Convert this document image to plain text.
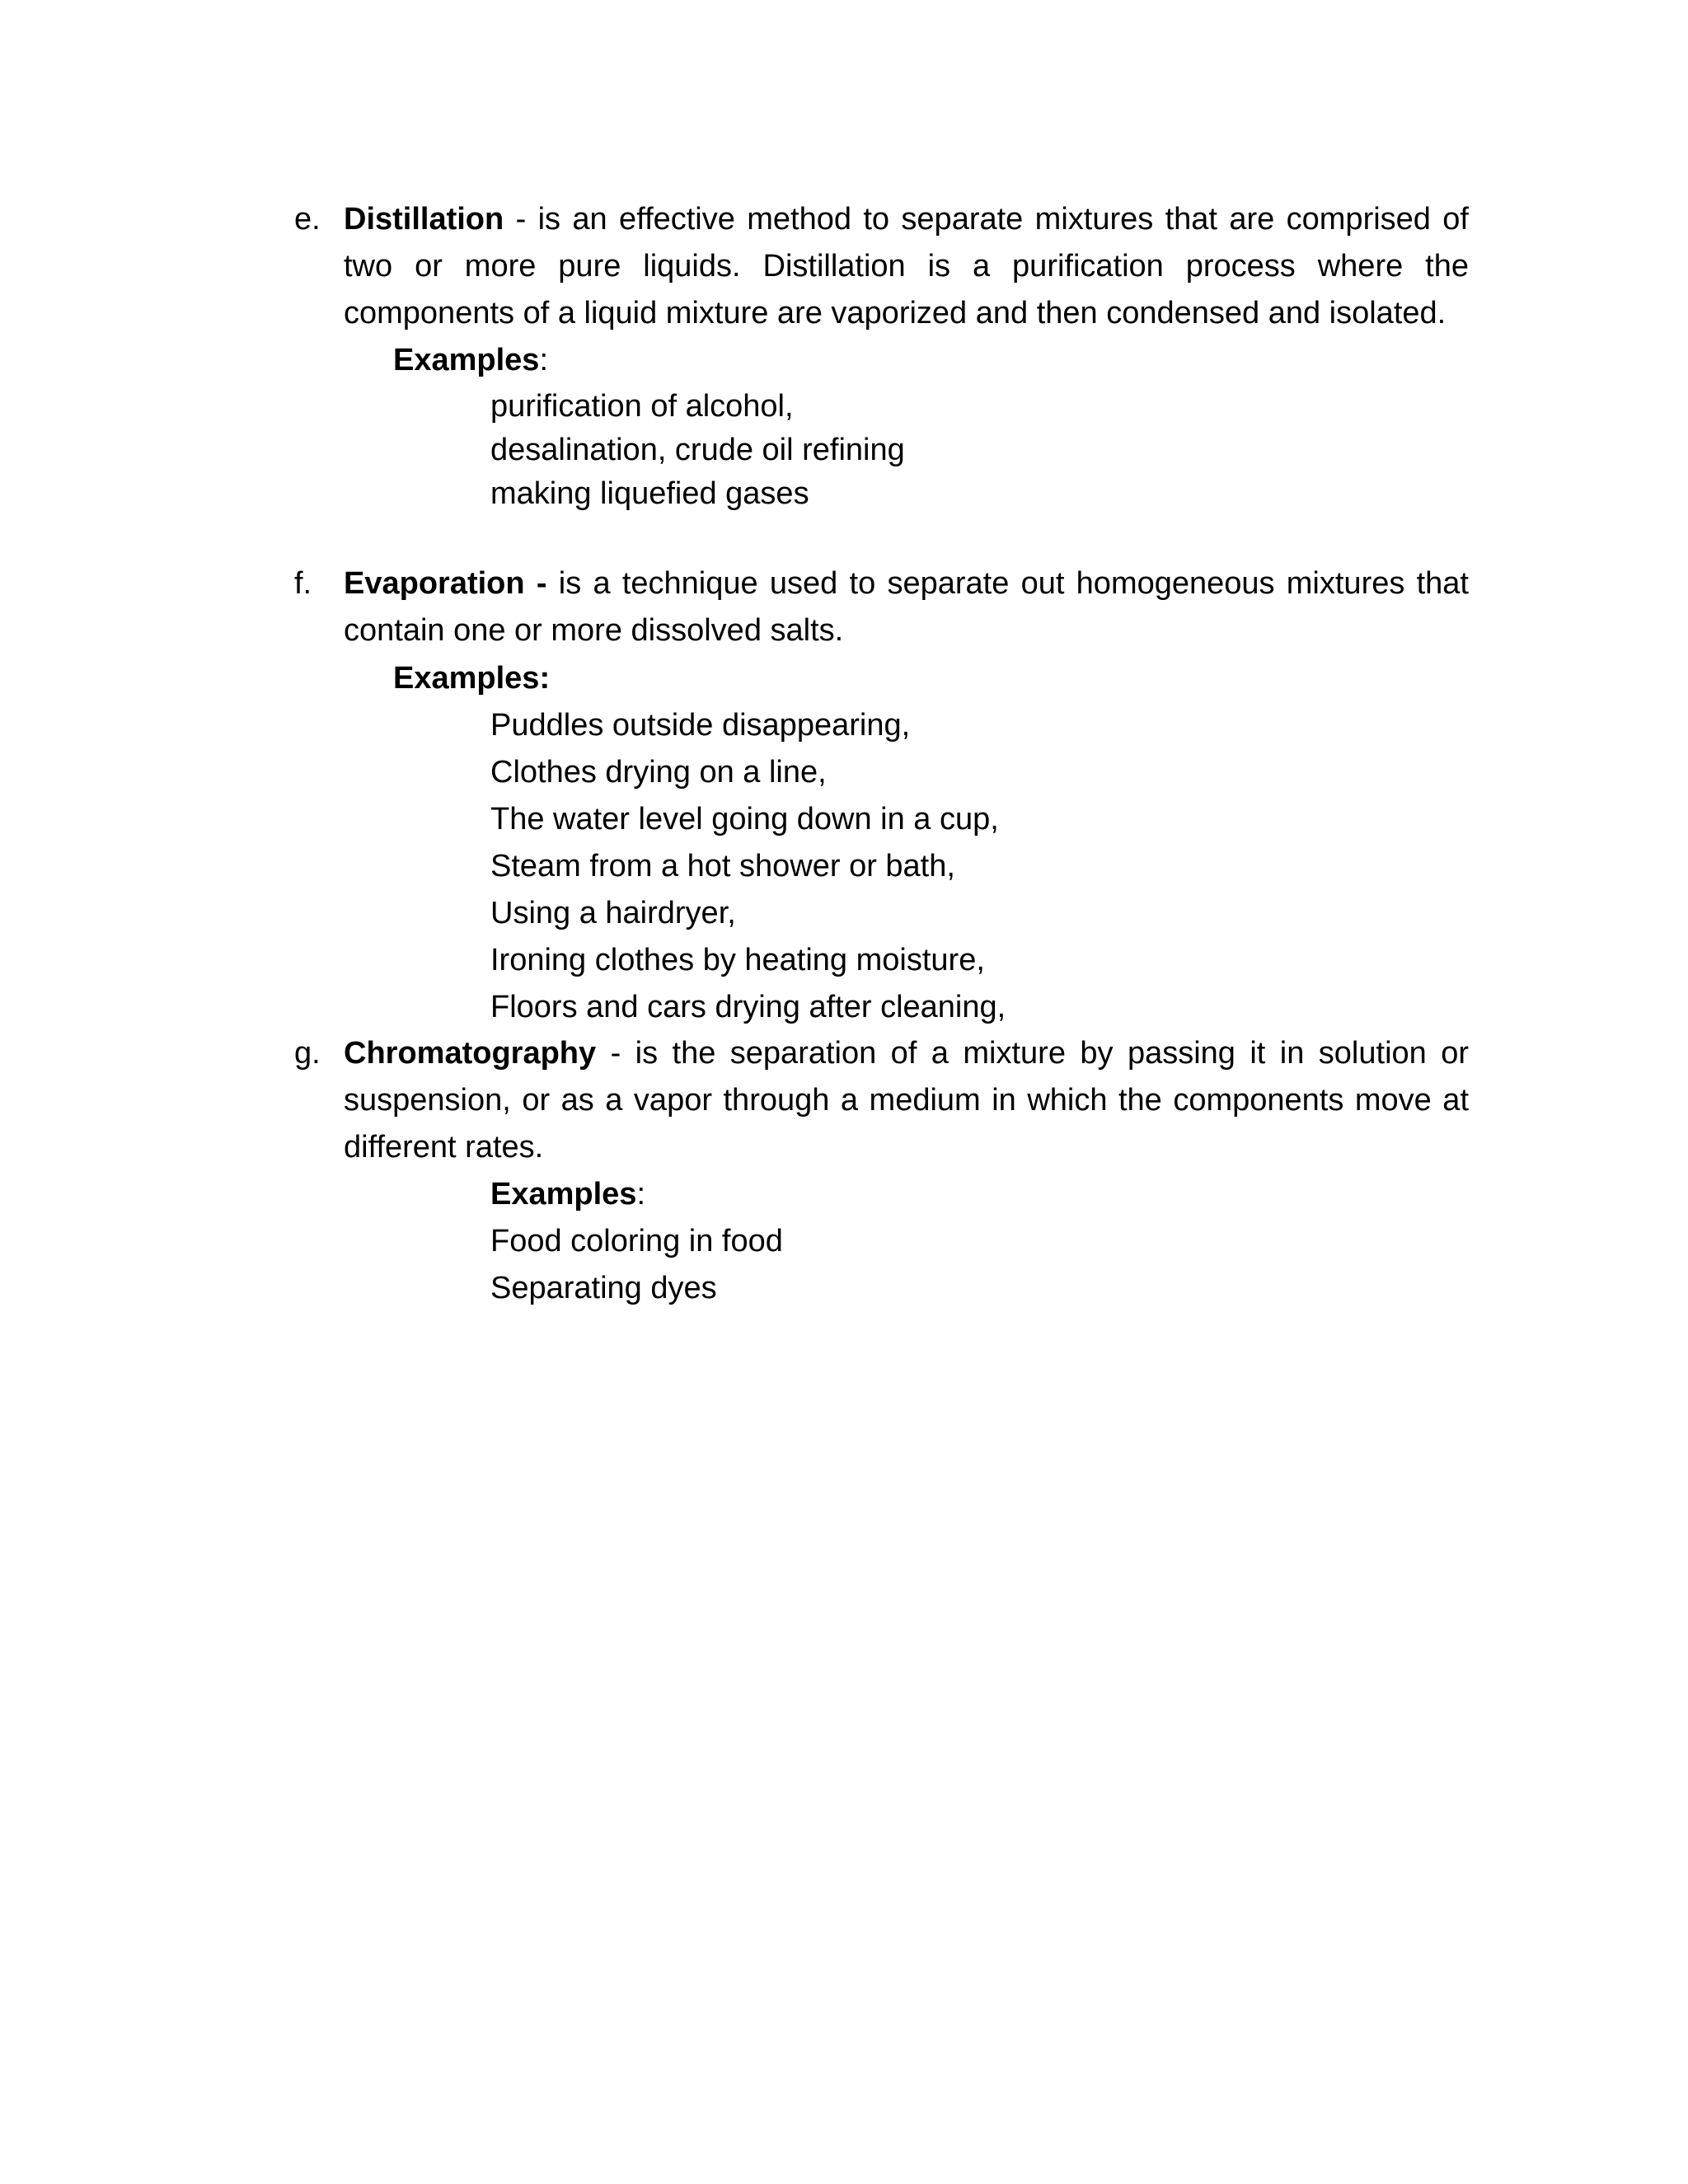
e. Distillation - is an effective method to separate mixtures that are comprised of two or more pure liquids. Distillation is a purification process where the components of a liquid mixture are vaporized and then condensed and isolated.
Examples:
purification of alcohol,
desalination, crude oil refining
making liquefied gases
f.	Evaporation - is a technique used to separate out homogeneous mixtures that contain one or more dissolved salts.
Examples:
Puddles outside disappearing,
Clothes drying on a line,
The water level going down in a cup,
Steam from a hot shower or bath,
Using a hairdryer,
Ironing clothes by heating moisture,
Floors and cars drying after cleaning,
g. Chromatography - is the separation of a mixture by passing it in solution or suspension, or as a vapor through a medium in which the components move at different rates.
Examples:
Food coloring in food
Separating dyes
